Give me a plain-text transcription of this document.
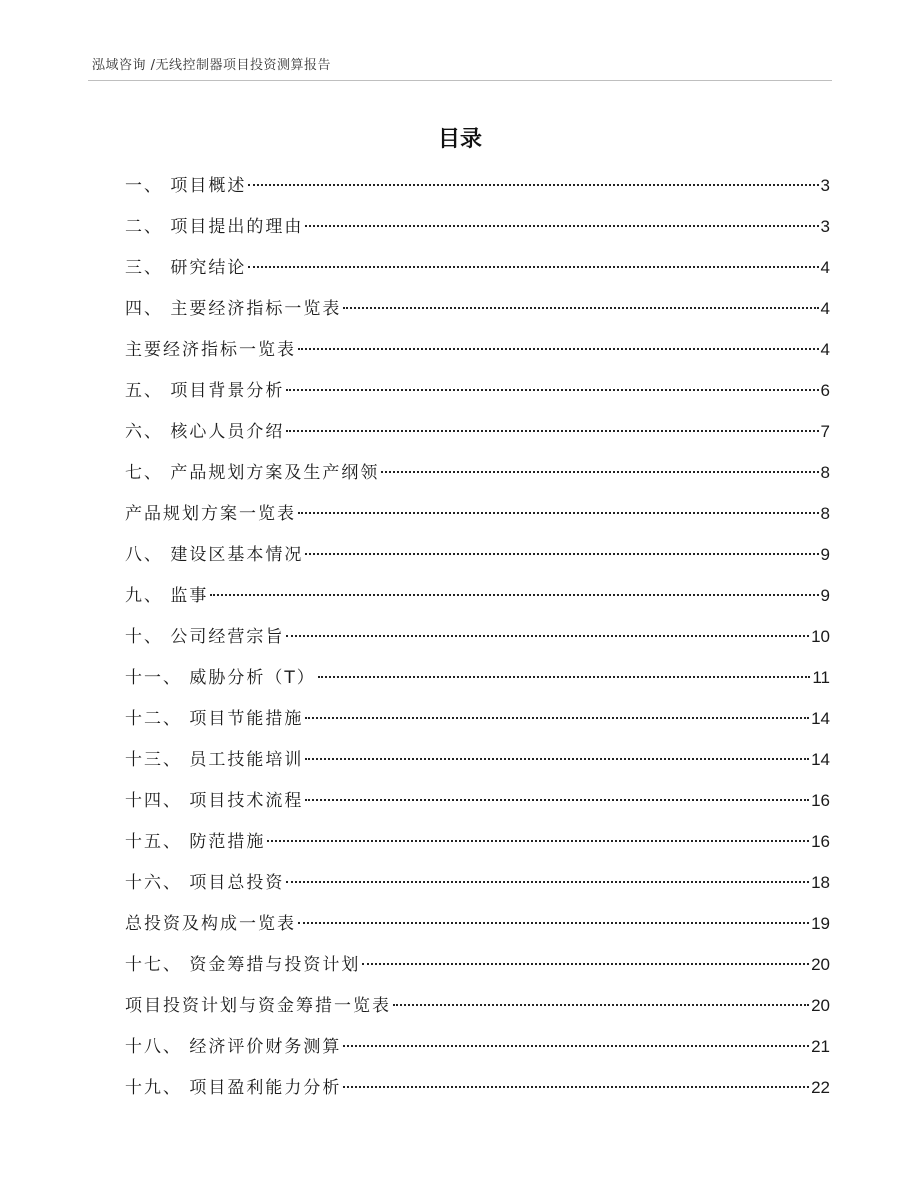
泓域咨询 /无线控制器项目投资测算报告
目录
一、 项目概述	3
二、 项目提出的理由	3
三、 研究结论	4
四、 主要经济指标一览表	4
主要经济指标一览表	4
五、 项目背景分析	6
六、 核心人员介绍	7
七、 产品规划方案及生产纲领	8
产品规划方案一览表	8
八、 建设区基本情况	9
九、 监事	9
十、 公司经营宗旨	10
十一、 威胁分析（T）	11
十二、 项目节能措施	14
十三、 员工技能培训	14
十四、 项目技术流程	16
十五、 防范措施	16
十六、 项目总投资	18
总投资及构成一览表	19
十七、 资金筹措与投资计划	20
项目投资计划与资金筹措一览表	20
十八、 经济评价财务测算	21
十九、 项目盈利能力分析	22
